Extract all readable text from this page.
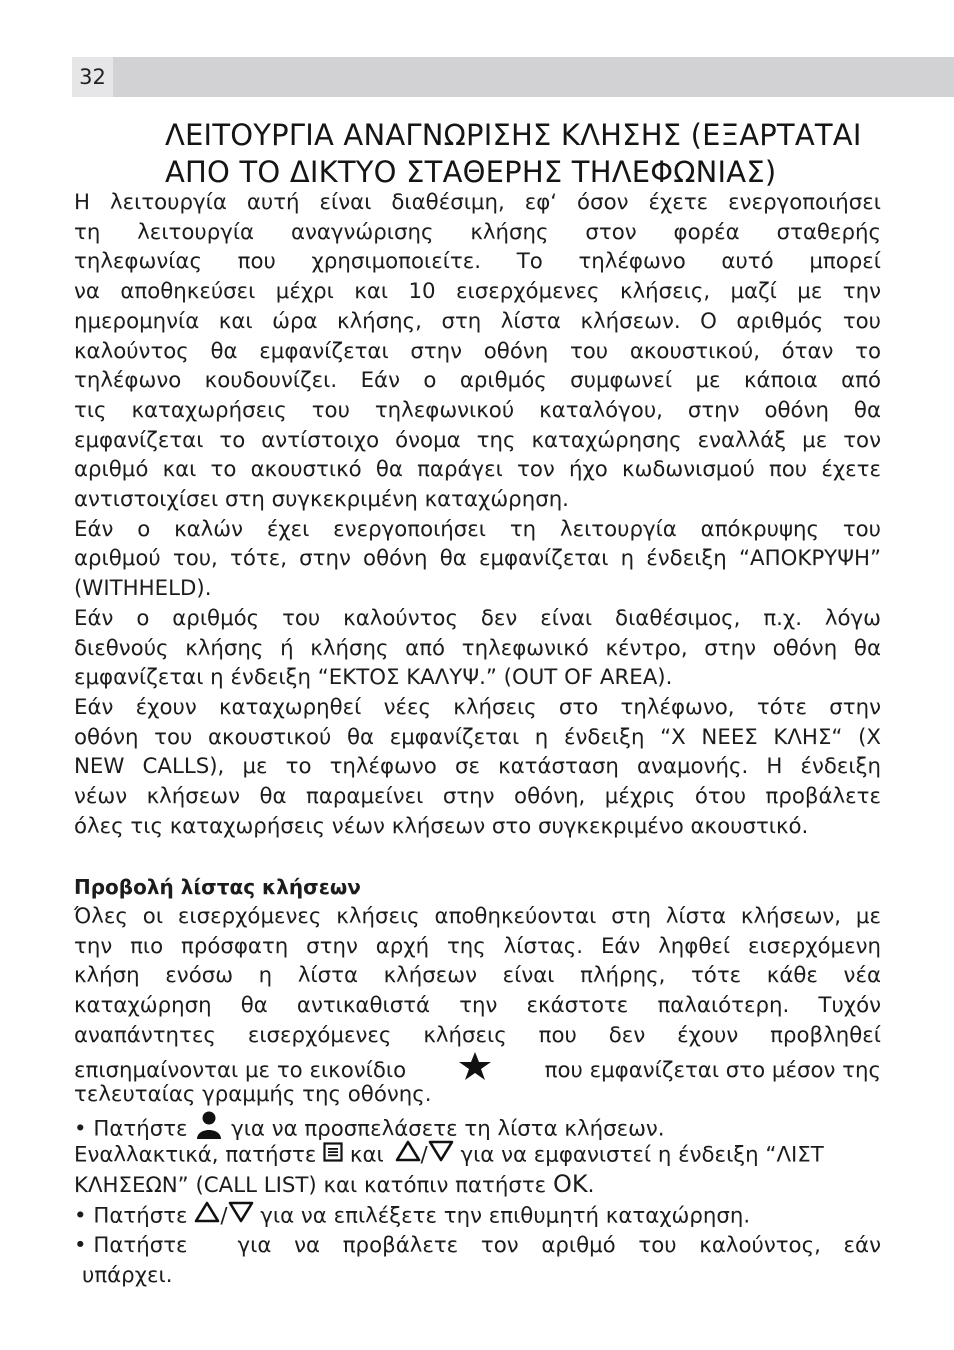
32
ΛΕΙΤΟΥΡΓΙΑ ΑΝΑΓΝΩΡΙΣΗΣ ΚΛΗΣΗΣ (ΕΞΑΡΤΑΤΑΙ
ΑΠΟ ΤΟ ΔΙΚΤΥΟ ΣΤΑΘΕΡΗΣ ΤΗΛΕΦΩΝΙΑΣ)
Η λειτουργία αυτή είναι διαθέσιμη, εφ‘ όσον έχετε ενεργοποιήσει
τη λειτουργία αναγνώρισης κλήσης στον φορέα σταθερής
τηλεφωνίας που χρησιμοποιείτε. Το τηλέφωνο αυτό μπορεί
να αποθηκεύσει μέχρι και 10 εισερχόμενες κλήσεις, μαζί με την
ημερομηνία και ώρα κλήσης, στη λίστα κλήσεων. Ο αριθμός του
καλούντος θα εμφανίζεται στην οθόνη του ακουστικού, όταν το
τηλέφωνο κουδουνίζει. Εάν ο αριθμός συμφωνεί με κάποια από
τις καταχωρήσεις του τηλεφωνικού καταλόγου, στην οθόνη θα
εμφανίζεται το αντίστοιχο όνομα της καταχώρησης εναλλάξ με τον
αριθμό και το ακουστικό θα παράγει τον ήχο κωδωνισμού που έχετε
αντιστοιχίσει στη συγκεκριμένη καταχώρηση.
Εάν ο καλών έχει ενεργοποιήσει τη λειτουργία απόκρυψης του
αριθμού του, τότε, στην οθόνη θα εμφανίζεται η ένδειξη “ΑΠΟΚΡΥΨΗ”
(WITHHELD).
Εάν ο αριθμός του καλούντος δεν είναι διαθέσιμος, π.χ. λόγω
διεθνούς κλήσης ή κλήσης από τηλεφωνικό κέντρο, στην οθόνη θα
εμφανίζεται η ένδειξη “ΕΚΤΟΣ ΚΑΛΥΨ.” (OUT OF AREA).
Εάν έχουν καταχωρηθεί νέες κλήσεις στο τηλέφωνο, τότε στην
οθόνη του ακουστικού θα εμφανίζεται η ένδειξη “X ΝΕΕΣ ΚΛΗΣ“ (X
NEW CALLS), με το τηλέφωνο σε κατάσταση αναμονής. Η ένδειξη
νέων κλήσεων θα παραμείνει στην οθόνη, μέχρις ότου προβάλετε
όλες τις καταχωρήσεις νέων κλήσεων στο συγκεκριμένο ακουστικό.
Προβολή λίστας κλήσεων
Όλες οι εισερχόμενες κλήσεις αποθηκεύονται στη λίστα κλήσεων, με
την πιο πρόσφατη στην αρχή της λίστας. Εάν ληφθεί εισερχόμενη
κλήση ενόσω η λίστα κλήσεων είναι πλήρης, τότε κάθε νέα
καταχώρηση θα αντικαθιστά την εκάστοτε παλαιότερη. Τυχόν
αναπάντητες εισερχόμενες κλήσεις που δεν έχουν προβληθεί
επισημαίνονται με το εικονίδιο	που εμφανίζεται στο μέσον της
τελευταίας γραμμής της οθόνης.
• Πατήστε για να προσπελάσετε τη λίστα κλήσεων.
Εναλλακτικά, πατήστε και / για να εμφανιστεί η ένδειξη “ΛΙΣΤ
ΚΛΗΣΕΩΝ” (CALL LIST) και κατόπιν πατήστε OK.
• Πατήστε / για να επιλέξετε την επιθυμητή καταχώρηση.
• Πατήστε για να προβάλετε τον αριθμό του καλούντος, εάν
υπάρχει.
